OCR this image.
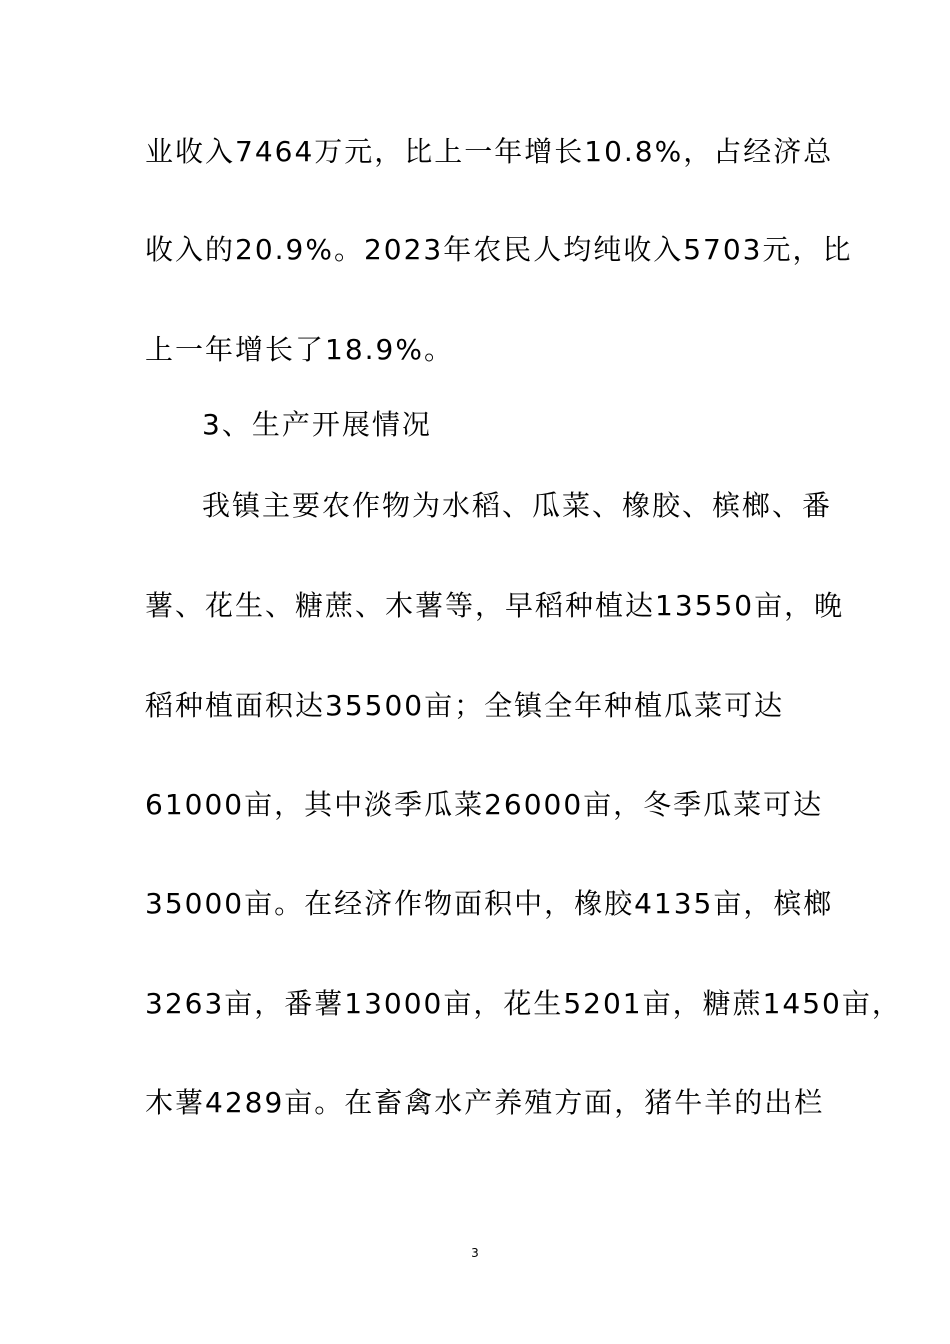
业收入7464万元，比上一年增长10.8%，占经济总
收入的20.9%。2023年农民人均纯收入5703元，比
上一年增长了18.9%。
3、生产开展情况
我镇主要农作物为水稻、瓜菜、橡胶、槟榔、番
薯、花生、糖蔗、木薯等，早稻种植达13550亩，晚
稻种植面积达35500亩；全镇全年种植瓜菜可达
61000亩，其中淡季瓜菜26000亩，冬季瓜菜可达
35000亩。在经济作物面积中，橡胶4135亩，槟榔
3263亩，番薯13000亩，花生5201亩，糖蔗1450亩，
木薯4289亩。在畜禽水产养殖方面，猪牛羊的出栏
3
